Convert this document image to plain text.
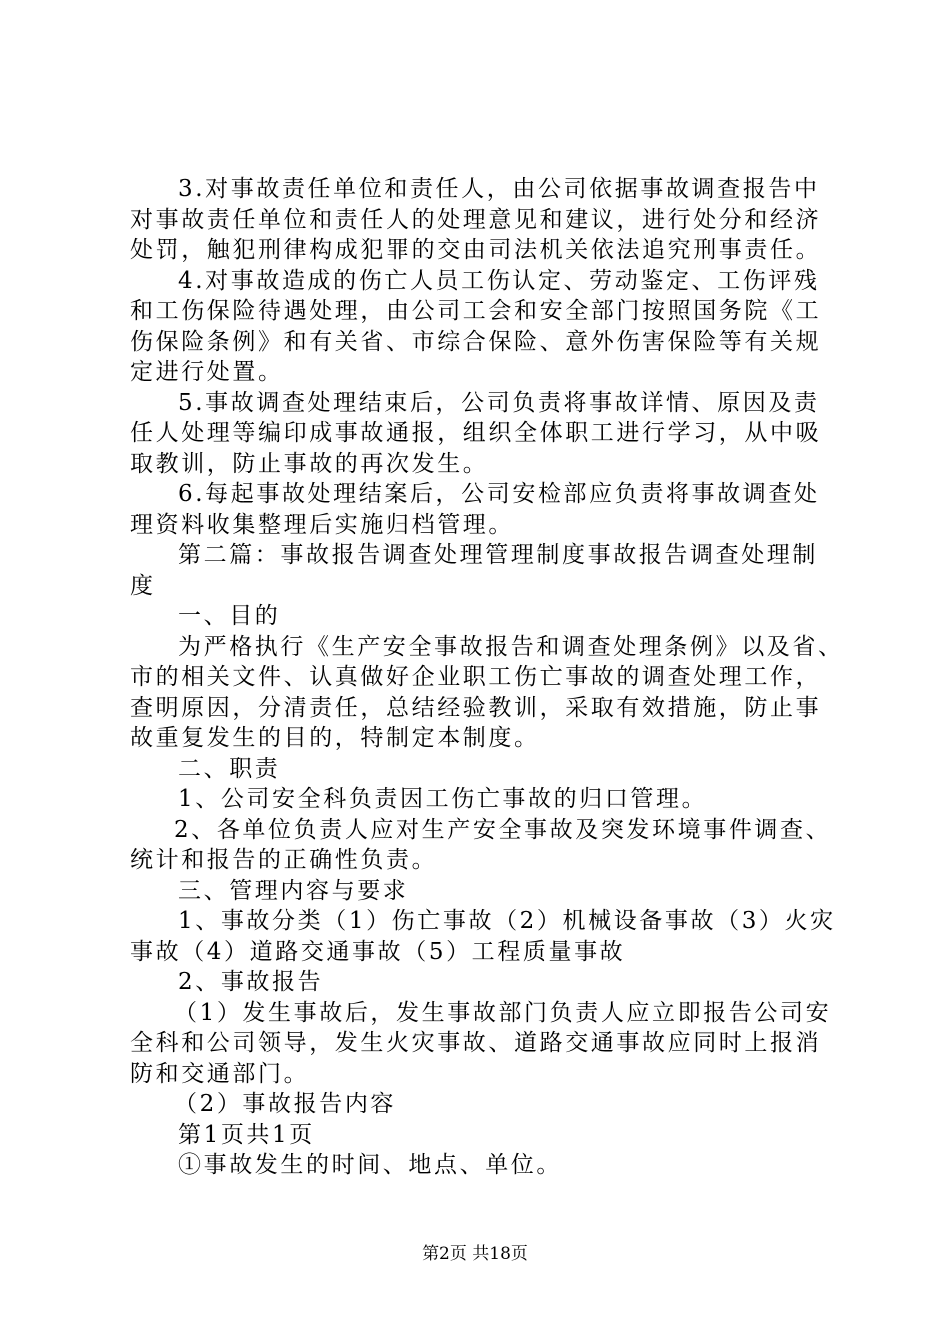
3.对事故责任单位和责任人，由公司依据事故调查报告中
对事故责任单位和责任人的处理意见和建议，进行处分和经济
处罚，触犯刑律构成犯罪的交由司法机关依法追究刑事责任。
4.对事故造成的伤亡人员工伤认定、劳动鉴定、工伤评残
和工伤保险待遇处理，由公司工会和安全部门按照国务院《工
伤保险条例》和有关省、市综合保险、意外伤害保险等有关规
定进行处置。
5.事故调查处理结束后，公司负责将事故详情、原因及责
任人处理等编印成事故通报，组织全体职工进行学习，从中吸
取教训，防止事故的再次发生。
6.每起事故处理结案后，公司安检部应负责将事故调查处
理资料收集整理后实施归档管理。
第二篇：事故报告调查处理管理制度事故报告调查处理制
度
一、目的
为严格执行《生产安全事故报告和调查处理条例》以及省、
市的相关文件、认真做好企业职工伤亡事故的调查处理工作，
查明原因，分清责任，总结经验教训，采取有效措施，防止事
故重复发生的目的，特制定本制度。
二、职责
1、公司安全科负责因工伤亡事故的归口管理。
2、各单位负责人应对生产安全事故及突发环境事件调查、
统计和报告的正确性负责。
三、管理内容与要求
1、事故分类（1）伤亡事故（2）机械设备事故（3）火灾
事故（4）道路交通事故（5）工程质量事故
2、事故报告
（1）发生事故后，发生事故部门负责人应立即报告公司安
全科和公司领导，发生火灾事故、道路交通事故应同时上报消
防和交通部门。
（2）事故报告内容
第1页共1页
①事故发生的时间、地点、单位。
第2页 共18页
